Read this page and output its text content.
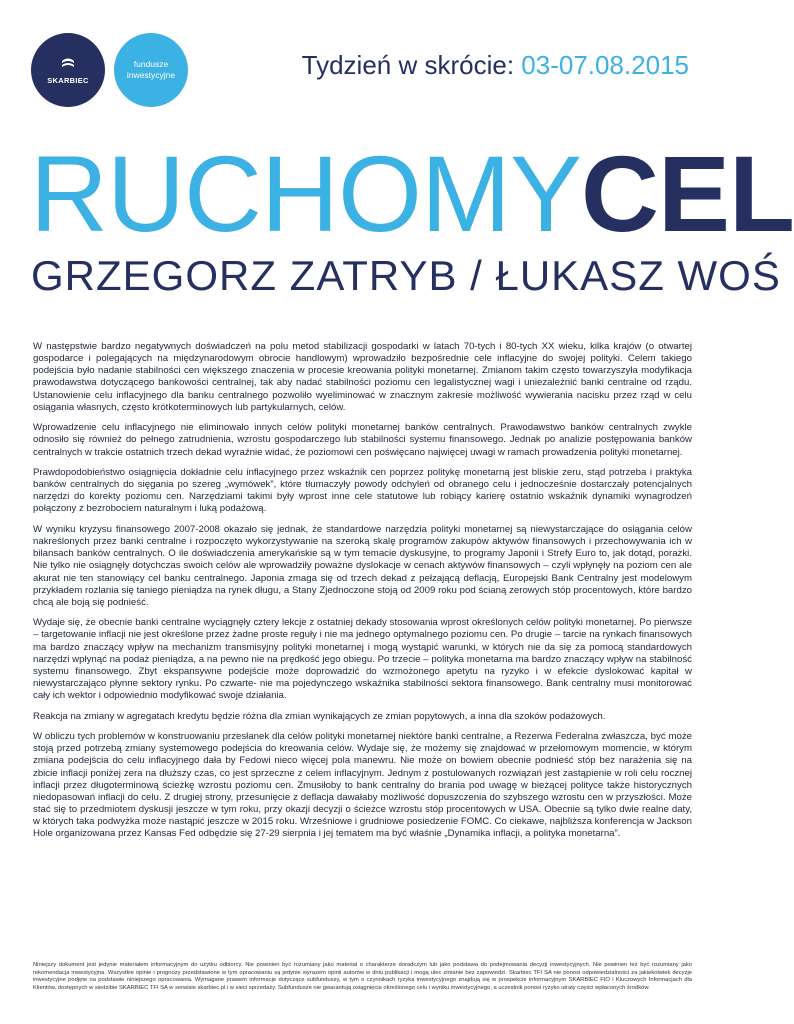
SKARBIEC
fundusze inwestycyjne	Tydzień w skrócie: 03-07.08.2015
RUCHOMYCEL
GRZEGORZ ZATRYB / ŁUKASZ WOŚ

W następstwie bardzo negatywnych doświadczeń na polu metod stabilizacji gospodarki w latach 70-tych i 80-tych XX wieku, kilka krajów (o otwartej gospodarce i polegających na międzynarodowym obrocie handlowym) wprowadziło bezpośrednie cele inflacyjne do swojej polityki. Celem takiego podejścia było nadanie stabilności cen większego znaczenia w procesie kreowania polityki monetarnej. Zmianom takim często towarzyszyła modyfikacja prawodawstwa dotyczącego bankowości centralnej, tak aby nadać stabilności poziomu cen legalistycznej wagi i uniezależnić banki centralne od rządu. Ustanowienie celu inflacyjnego dla banku centralnego pozwoliło wyeliminować w znacznym zakresie możliwość wywierania nacisku przez rząd w celu osiągania własnych, często krótkoterminowych lub partykularnych, celów.

Wprowadzenie celu inflacyjnego nie eliminowało innych celów polityki monetarnej banków centralnych. Prawodawstwo banków centralnych zwykle odnosiło się również do pełnego zatrudnienia, wzrostu gospodarczego lub stabilności systemu finansowego. Jednak po analizie postępowania banków centralnych w trakcie ostatnich trzech dekad wyraźnie widać, że poziomowi cen poświęcano najwięcej uwagi w ramach prowadzenia polityki monetarnej.

Prawdopodobieństwo osiągnięcia dokładnie celu inflacyjnego przez wskaźnik cen poprzez politykę monetarną jest bliskie zeru, stąd potrzeba i praktyka banków centralnych do sięgania po szereg „wymówek”, które tłumaczyły powody odchyleń od obranego celu i jednocześnie dostarczały potencjalnych narzędzi do korekty poziomu cen. Narzędziami takimi były wprost inne cele statutowe lub robiący karierę ostatnio wskaźnik dynamiki wynagrodzeń połączony z bezrobociem naturalnym i luką podażową.

W wyniku kryzysu finansowego 2007-2008 okazało się jednak, że standardowe narzędzia polityki monetarnej są niewystarczające do osiągania celów nakreślonych przez banki centralne i rozpoczęto wykorzystywanie na szeroką skalę programów zakupów aktywów finansowych i przechowywania ich w bilansach banków centralnych. O ile doświadczenia amerykańskie są w tym temacie dyskusyjne, to programy Japonii i Strefy Euro to, jak dotąd, porażki. Nie tylko nie osiągnęły dotychczas swoich celów ale wprowadziły poważne dyslokacje w cenach aktywów finansowych – czyli wpłynęły na poziom cen ale akurat nie ten stanowiący cel banku centralnego. Japonia zmaga się od trzech dekad z pełzającą deflacją, Europejski Bank Centralny jest modelowym przykładem rozlania się taniego pieniądza na rynek długu, a Stany Zjednoczone stoją od 2009 roku pod ścianą zerowych stóp procentowych, które bardzo chcą ale boją się podnieść.

Wydaje się, że obecnie banki centralne wyciągnęły cztery lekcje z ostatniej dekady stosowania wprost określonych celów polityki monetarnej. Po pierwsze – targetowanie inflacji nie jest określone przez żadne proste reguły i nie ma jednego optymalnego poziomu cen. Po drugie – tarcie na rynkach finansowych ma bardzo znaczący wpływ na mechanizm transmisyjny polityki monetarnej i mogą wystąpić warunki, w których nie da się za pomocą standardowych narzędzi wpłynąć na podaż pieniądza, a na pewno nie na prędkość jego obiegu. Po trzecie – polityka monetarna ma bardzo znaczący wpływ na stabilność systemu finansowego. Zbyt ekspansywne podejście może doprowadzić do wzmożonego apetytu na ryzyko i w efekcie dyslokować kapitał w niewystarczająco płynne sektory rynku. Po czwarte- nie ma pojedynczego wskaźnika stabilności sektora finansowego. Bank centralny musi monitorować cały ich wektor i odpowiednio modyfikować swoje działania.

Reakcja na zmiany w agregatach kredytu będzie różna dla zmian wynikających ze zmian popytowych, a inna dla szoków podażowych.

W obliczu tych problemów w konstruowaniu przesłanek dla celów polityki monetarnej niektóre banki centralne, a Rezerwa Federalna zwłaszcza, być może stoją przed potrzebą zmiany systemowego podejścia do kreowania celów. Wydaje się, że możemy się znajdować w przełomowym momencie, w którym zmiana podejścia do celu inflacyjnego dała by Fedowi nieco więcej pola manewru. Nie może on bowiem obecnie podnieść stóp bez narażenia się na zbicie inflacji poniżej zera na dłuższy czas, co jest sprzeczne z celem inflacyjnym. Jednym z postulowanych rozwiązań jest zastąpienie w roli celu rocznej inflacji przez długoterminową ścieżkę wzrostu poziomu cen. Zmusiłoby to bank centralny do brania pod uwagę w bieżącej polityce także historycznych niedopasowań inflacji do celu. Z drugiej strony, przesunięcie z deflacja dawałaby możliwość dopuszczenia do szybszego wzrostu cen w przyszłości. Może stać się to przedmiotem dyskusji jeszcze w tym roku, przy okazji decyzji o ścieżce wzrostu stóp procentowych w USA. Obecnie są tylko dwie realne daty, w których taka podwyżka może nastąpić jeszcze w 2015 roku. Wrześniowe i grudniowe posiedzenie FOMC. Co ciekawe, najbliższa konferencja w Jackson Hole organizowana przez Kansas Fed odbędzie się 27-29 sierpnia i jej tematem ma być właśnie „Dynamika inflacji, a polityka monetarna”.

Niniejszy dokument jest jedynie materiałem informacyjnym do użytku odbiorcy. Nie powinien być rozumiany jako materiał o charakterze doradczym lub jako podstawa do podejmowania decyzji inwestycyjnych. Nie powinien też być rozumiany jako rekomendacja inwestycyjna. Wszystkie opinie i prognozy przedstawione w tym opracowaniu są jedynie wyrazem opinii autorów w dniu publikacji i mogą ulec zmianie bez zapowiedzi. Skarbiec TFI SA nie ponosi odpowiedzialności za jakiekolwiek decyzje inwestycyjne podjęte na podstawie niniejszego opracowania. Wymagane prawem informacje dotyczące subfunduszy, w tym o czynnikach ryzyka inwestycyjnego znajdują się w prospekcie informacyjnym SKARBIEC FIO i Kluczowych Informacjach dla Klientów, dostępnych w siedzibie SKARBIEC TFI SA w serwisie skarbiec.pl i w sieci sprzedaży. Subfundusze nie gwarantują osiągnięcia określonego celu i wyniku inwestycyjnego, a uczestnik ponosi ryzyko utraty części wpłaconych środków.
